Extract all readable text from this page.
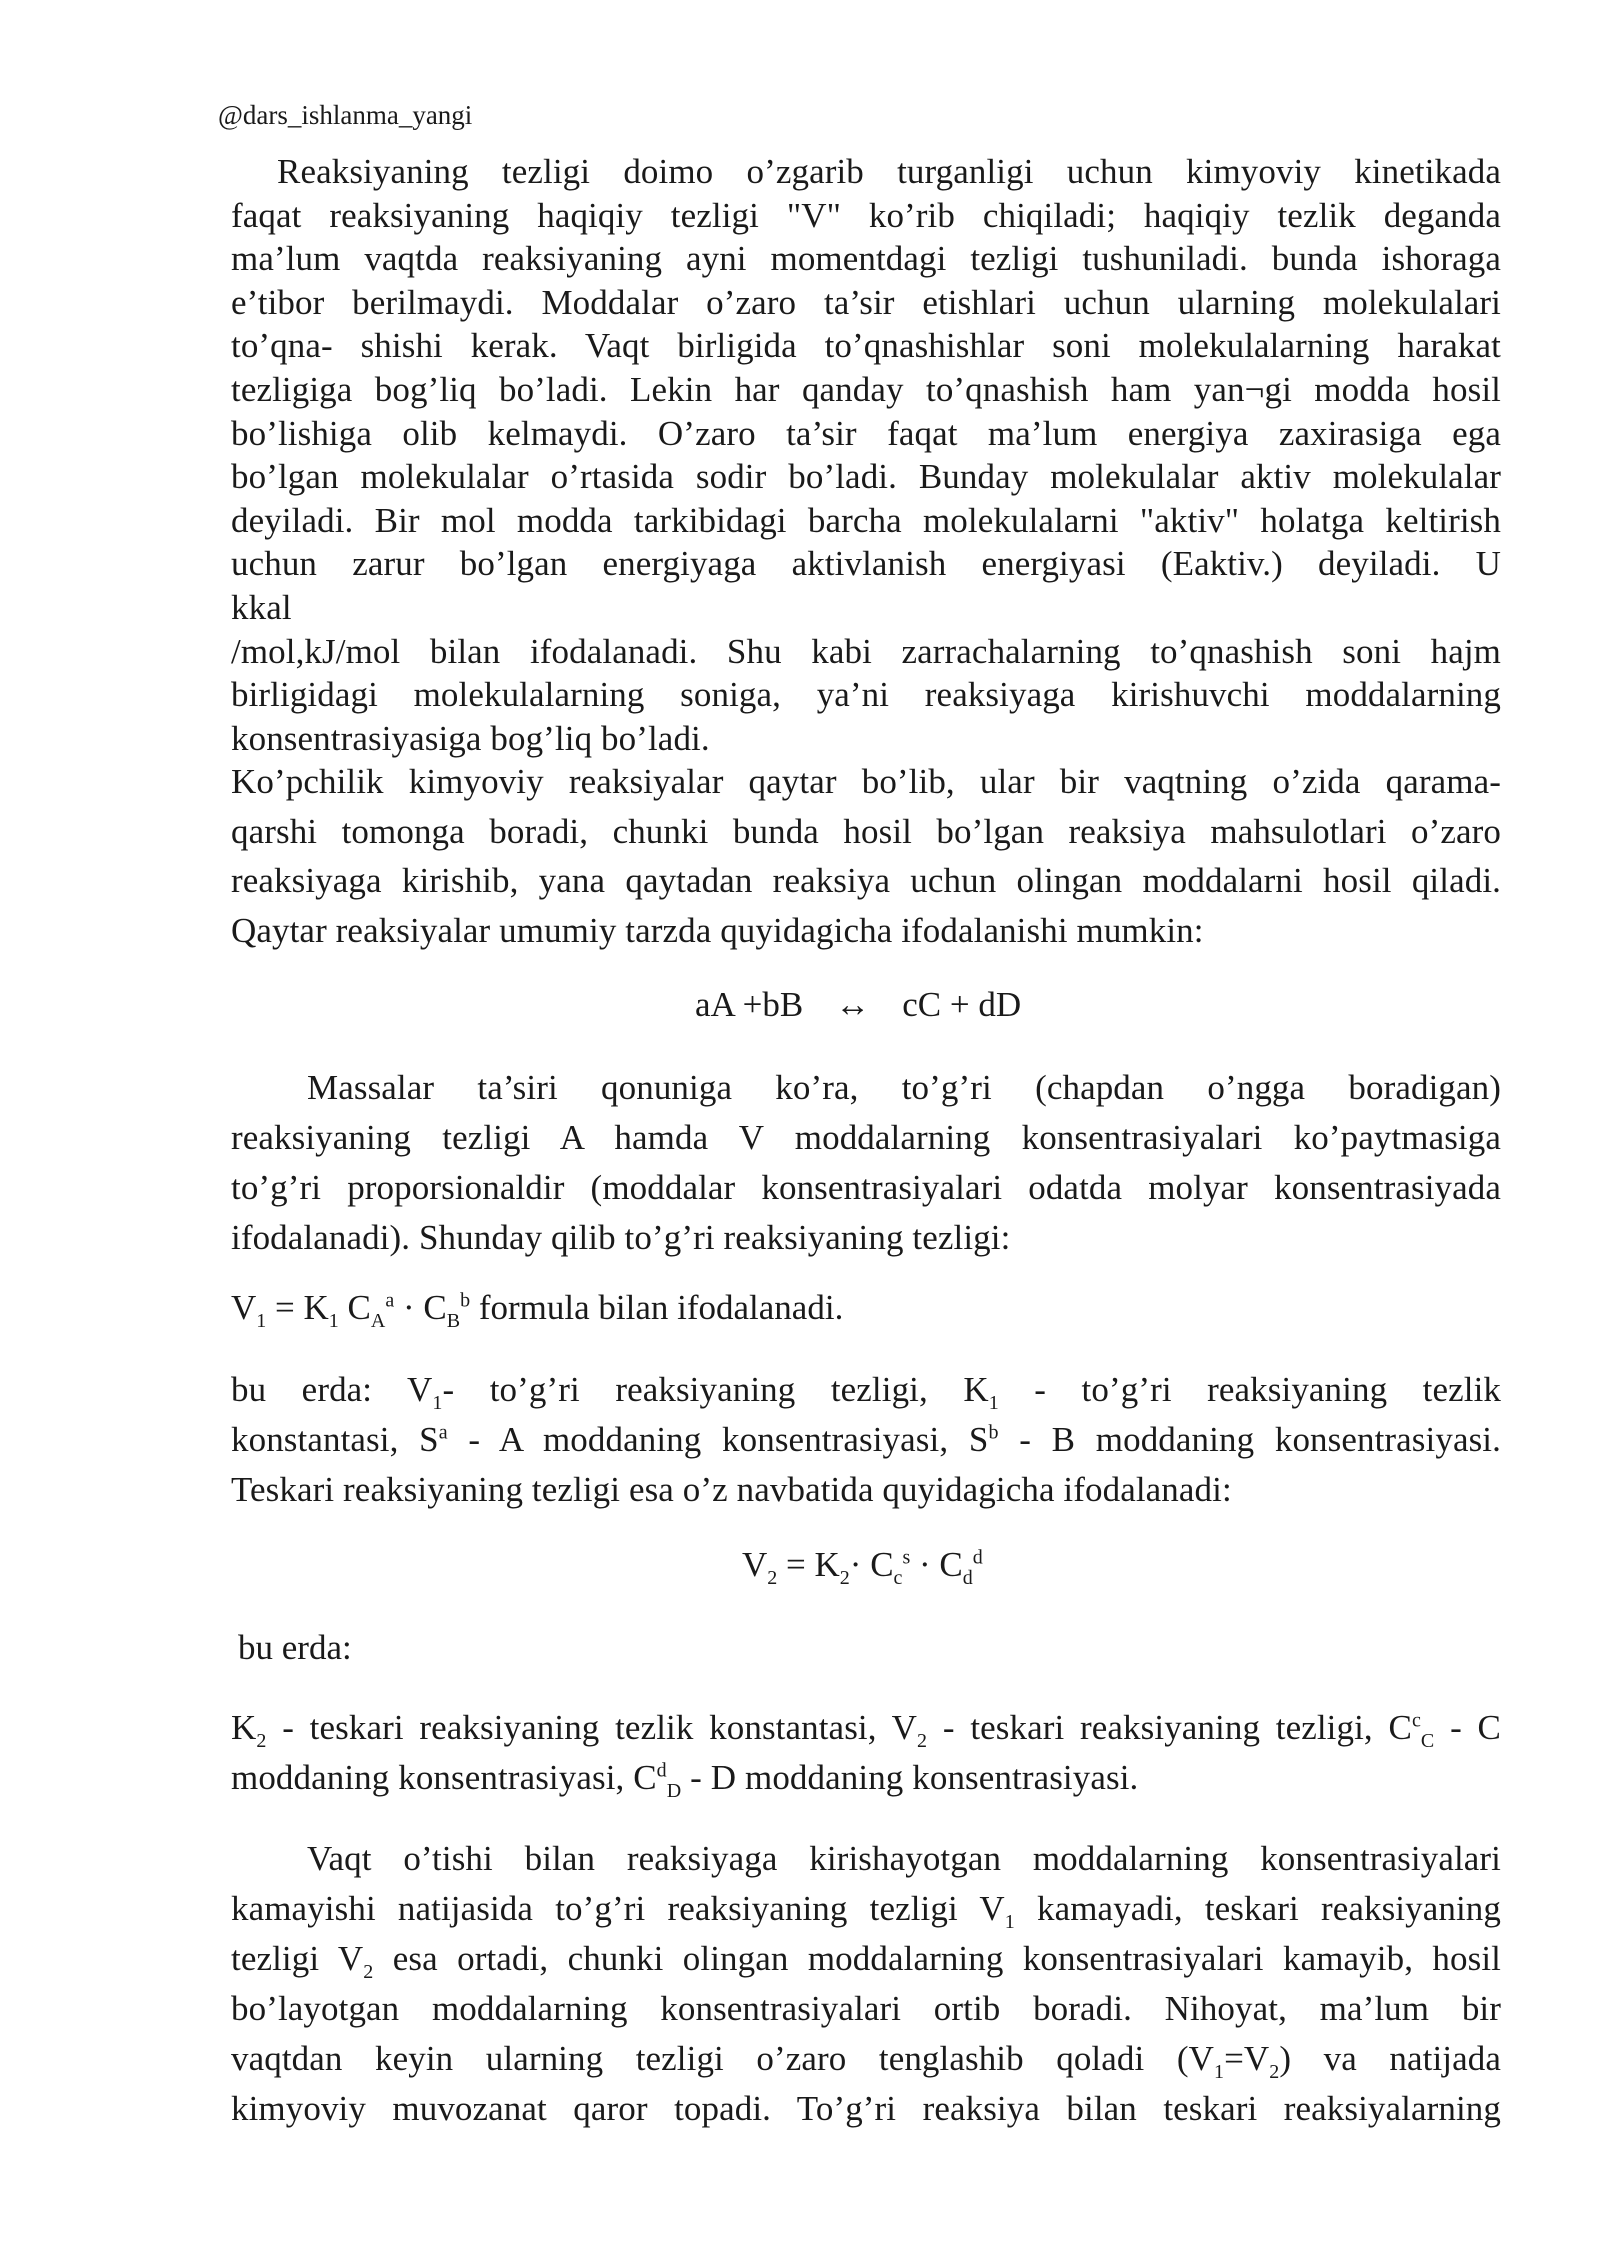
@dars_ishlanma_yangi
Reaksiyaning tezligi doimo o’zgarib turganligi uchun kimyoviy kinetikada
faqat reaksiyaning haqiqiy tezligi "V" ko’rib chiqiladi; haqiqiy tezlik deganda
ma’lum vaqtda reaksiyaning ayni momentdagi tezligi tushuniladi. bunda ishoraga
e’tibor berilmaydi. Moddalar o’zaro ta’sir etishlari uchun ularning molekulalari
to’qna- shishi kerak. Vaqt birligida to’qnashishlar soni molekulalarning harakat
tezligiga bog’liq bo’ladi. Lekin har qanday to’qnashish ham yan¬gi modda hosil
bo’lishiga olib kelmaydi. O’zaro ta’sir faqat ma’lum energiya zaxirasiga ega
bo’lgan molekulalar o’rtasida sodir bo’ladi. Bunday molekulalar aktiv molekulalar
deyiladi. Bir mol modda tarkibidagi barcha molekulalarni "aktiv" holatga keltirish
uchun zarur bo’lgan energiyaga aktivlanish energiyasi (Eaktiv.) deyiladi. U
kkal
/mol,kJ/mol bilan ifodalanadi. Shu kabi zarrachalarning to’qnashish soni hajm
birligidagi molekulalarning soniga, ya’ni reaksiyaga kirishuvchi moddalarning
konsentrasiyasiga bog’liq bo’ladi.
Ko’pchilik kimyoviy reaksiyalar qaytar bo’lib, ular bir vaqtning o’zida qarama-
qarshi tomonga boradi, chunki bunda hosil bo’lgan reaksiya mahsulotlari o’zaro
reaksiyaga kirishib, yana qaytadan reaksiya uchun olingan moddalarni hosil qiladi.
Qaytar reaksiyalar umumiy tarzda quyidagicha ifodalanishi mumkin:
aA +bB ↔ cC + dD
Massalar ta’siri qonuniga ko’ra, to’g’ri (chapdan o’ngga boradigan)
reaksiyaning tezligi A hamda V moddalarning konsentrasiyalari ko’paytmasiga
to’g’ri proporsionaldir (moddalar konsentrasiyalari odatda molyar konsentrasiyada
ifodalanadi). Shunday qilib to’g’ri reaksiyaning tezligi:
$V_1 = K_1$ $C_A^a \cdot C_B^b$ formula bilan ifodalanadi.
bu erda: $V_1-$ to’g’ri reaksiyaning tezligi, $K_1$ - to’g’ri reaksiyaning tezlik
konstantasi, $S^a$ - A moddaning konsentrasiyasi, $S^b$ - B moddaning konsentrasiyasi.
Teskari reaksiyaning tezligi esa o’z navbatida quyidagicha ifodalanadi:
$V_2 = K_2\cdot C_c^s \cdot C_d^d$
bu erda:
$K_2$ - teskari reaksiyaning tezlik konstantasi, $V_2$ - teskari reaksiyaning tezligi, $C^c_C$ - C
moddaning konsentrasiyasi, $C^d_D$ - D moddaning konsentrasiyasi.
Vaqt o’tishi bilan reaksiyaga kirishayotgan moddalarning konsentrasiyalari
kamayishi natijasida to’g’ri reaksiyaning tezligi $V_1$ kamayadi, teskari reaksiyaning
tezligi $V_2$ esa ortadi, chunki olingan moddalarning konsentrasiyalari kamayib, hosil
bo’layotgan moddalarning konsentrasiyalari ortib boradi. Nihoyat, ma’lum bir
vaqtdan keyin ularning tezligi o’zaro tenglashib qoladi $(V_1=V_2)$ va natijada
kimyoviy muvozanat qaror topadi. To’g’ri reaksiya bilan teskari reaksiyalarning
